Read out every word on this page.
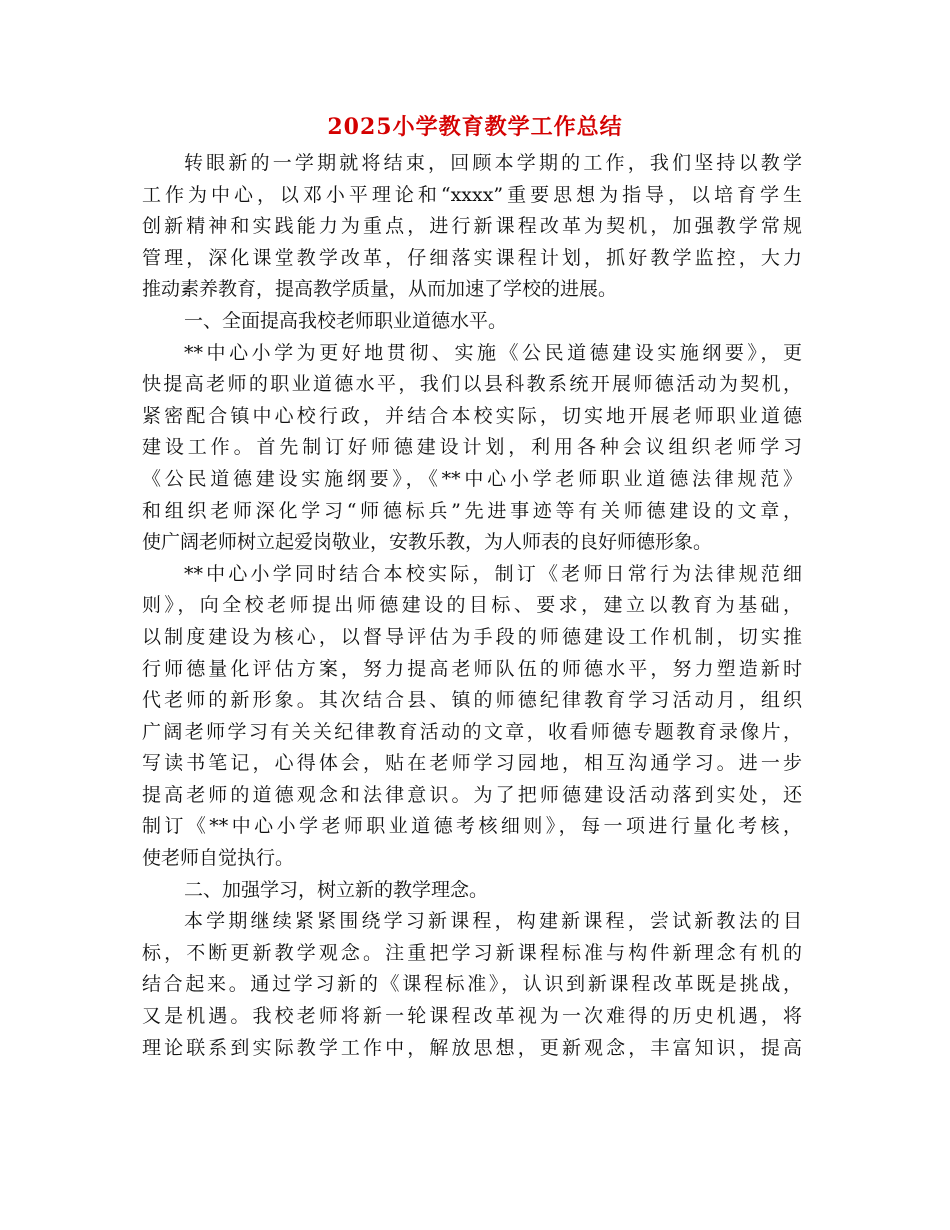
2025小学教育教学工作总结
转眼新的一学期就将结束，回顾本学期的工作，我们坚持以教学
工作为中心，以邓小平理论和“xxxx”重要思想为指导，以培育学生
创新精神和实践能力为重点，进行新课程改革为契机，加强教学常规
管理，深化课堂教学改革，仔细落实课程计划，抓好教学监控，大力
推动素养教育，提高教学质量，从而加速了学校的进展。
一、全面提高我校老师职业道德水平。
**中心小学为更好地贯彻、实施《公民道德建设实施纲要》，更
快提高老师的职业道德水平，我们以县科教系统开展师德活动为契机，
紧密配合镇中心校行政，并结合本校实际，切实地开展老师职业道德
建设工作。首先制订好师德建设计划，利用各种会议组织老师学习
《公民道德建设实施纲要》，《**中心小学老师职业道德法律规范》
和组织老师深化学习“师德标兵”先进事迹等有关师德建设的文章，
使广阔老师树立起爱岗敬业，安教乐教，为人师表的良好师德形象。
**中心小学同时结合本校实际，制订《老师日常行为法律规范细
则》，向全校老师提出师德建设的目标、要求，建立以教育为基础，
以制度建设为核心，以督导评估为手段的师德建设工作机制，切实推
行师德量化评估方案，努力提高老师队伍的师德水平，努力塑造新时
代老师的新形象。其次结合县、镇的师德纪律教育学习活动月，组织
广阔老师学习有关关纪律教育活动的文章，收看师德专题教育录像片，
写读书笔记，心得体会，贴在老师学习园地，相互沟通学习。进一步
提高老师的道德观念和法律意识。为了把师德建设活动落到实处，还
制订《**中心小学老师职业道德考核细则》，每一项进行量化考核，
使老师自觉执行。
二、加强学习，树立新的教学理念。
本学期继续紧紧围绕学习新课程，构建新课程，尝试新教法的目
标，不断更新教学观念。注重把学习新课程标准与构件新理念有机的
结合起来。通过学习新的《课程标准》，认识到新课程改革既是挑战，
又是机遇。我校老师将新一轮课程改革视为一次难得的历史机遇，将
理论联系到实际教学工作中，解放思想，更新观念，丰富知识，提高
